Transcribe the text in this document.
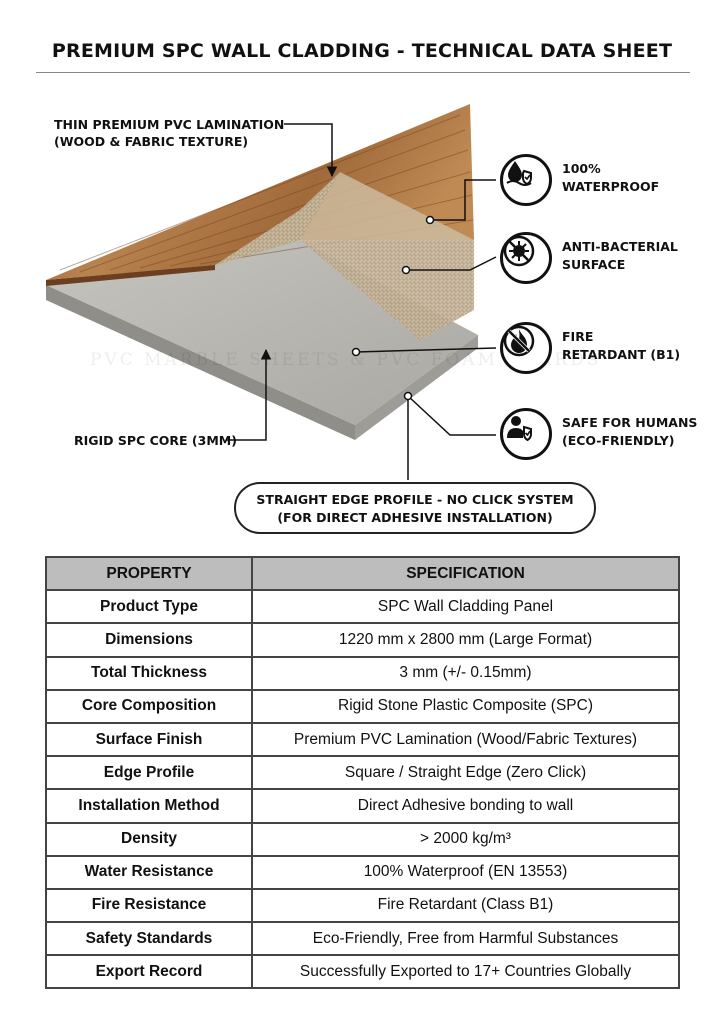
PREMIUM SPC WALL CLADDING - TECHNICAL DATA SHEET
PVC FOAM BOARDS
THIN PREMIUM PVC LAMINATION
(WOOD & FABRIC TEXTURE)
RIGID SPC CORE (3MM)
100%
WATERPROOF
ANTI-BACTERIAL
SURFACE
FIRE
RETARDANT (B1)
SAFE FOR HUMANS
(ECO-FRIENDLY)
STRAIGHT EDGE PROFILE - NO CLICK SYSTEM
(FOR DIRECT ADHESIVE INSTALLATION)
PROPERTY	SPECIFICATION
Product Type	SPC Wall Cladding Panel
Dimensions	1220 mm x 2800 mm (Large Format)
Total Thickness	3 mm (+/- 0.15mm)
Core Composition	Rigid Stone Plastic Composite (SPC)
Surface Finish	Premium PVC Lamination (Wood/Fabric Textures)
Edge Profile	Square / Straight Edge (Zero Click)
Installation Method	Direct Adhesive bonding to wall
Density	> 2000 kg/m³
Water Resistance	100% Waterproof (EN 13553)
Fire Resistance	Fire Retardant (Class B1)
Safety Standards	Eco-Friendly, Free from Harmful Substances
Export Record	Successfully Exported to 17+ Countries Globally
